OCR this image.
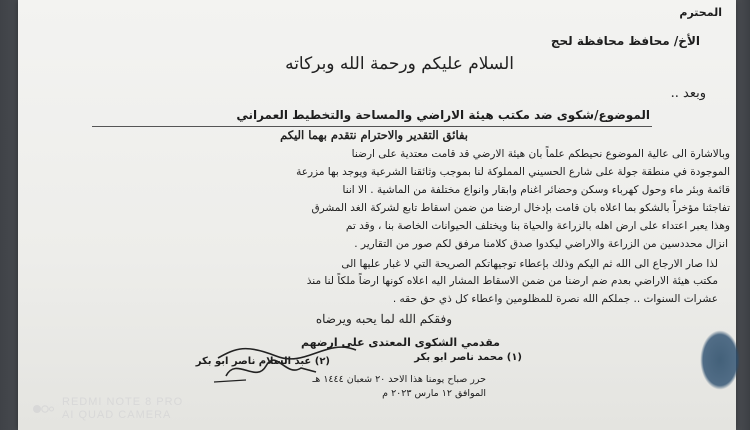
المحترم
الأخ/ محافظ محافظة لحج
السلام عليكم ورحمة الله وبركاته
وبعد ..
الموضوع/شكوى ضد مكتب هيئة الاراضي والمساحة والتخطيط العمراني
بفائق التقدير والاحترام نتقدم بهما اليكم
وبالاشارة الى عالية الموضوع نحيطكم علماً بان هيئة الارضي قد قامت معتدية على ارضنا
الموجودة في منطقة جولة على شارع الحسيني المملوكة لنا بموجب وثائقنا الشرعية ويوجد بها مزرعة
قائمة وبئر ماء وحول كهرباء وسكن وحضائر اغنام وابقار وانواع مختلفة من الماشية . الا اننا
تفاجئنا مؤخراً بالشكو بما اعلاه بان قامت بإدخال ارضنا من ضمن اسقاط تابع لشركة الغد المشرق
وهذا يعبر اعتداء على ارض اهله بالزراعة والحياة بنا ويختلف الحيوانات الخاصة بنا ، وقد تم
انزال محددسين من الزراعة والاراضي ليكدوا صدق كلامنا مرفق لكم صور من التقارير .
لذا صار الارجاع الى الله ثم اليكم وذلك بإعطاء توجيهاتكم الصريحة التي لا غبار عليها الى
مكتب هيئة الاراضي بعدم ضم ارضنا من ضمن الاسقاط المشار اليه اعلاه كونها ارضاً ملكاً لنا منذ
عشرات السنوات .. جملكم الله نصرة للمظلومين واعطاء كل ذي حق حقه .
وفقكم الله لما يحبه ويرضاه
مقدمي الشكوى المعتدى على ارضهم
(١) محمد ناصر ابو بكر
(٢) عبد السلام ناصر ابو بكر
حرر صباح يومنا هذا الاحد ٢٠ شعبان ١٤٤٤ هـ
الموافق ١٢ مارس ٢٠٢٣ م
REDMI NOTE 8 PRO
AI QUAD CAMERA
